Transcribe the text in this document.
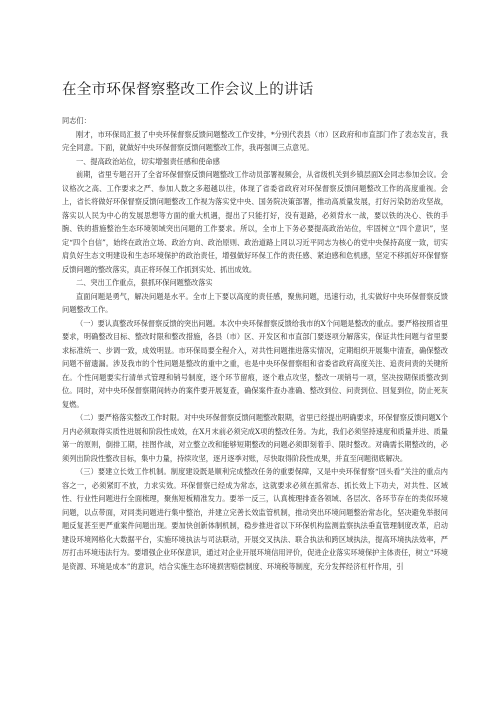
在全市环保督察整改工作会议上的讲话

同志们：

刚才，市环保局汇报了中央环保督察反馈问题整改工作安排，*分别代表县（市）区政府和市直部门作了表态发言，我完全同意。下面，就做好中央环保督察反馈问题整改工作，我再强调三点意见。

一、提高政治站位，切实增强责任感和使命感

前期，省里专题召开了全省环保督察反馈问题整改工作动员部署视频会，从省级机关到乡镇层面X会同志参加会议。会议格次之高、工作要求之严、参加人数之多超越以往，体现了省委省政府对环保督察反馈问题整改工作的高度重视。会上，省长将做好环保督察反馈问题整改工作视为落实党中央、国务院决策部署，推动高质量发展，打好污染防治攻坚战，落实以人民为中心的发展思想等方面的重大机遇，提出了只能打好，没有退路，必须背水一战，要以铁的决心、铁的手腕、铁的措施整治生态环境领域突出问题的工作要求。所以，全市上下务必要提高政治站位，牢固树立“四个意识”，坚定“四个自信”，始终在政治立场、政治方向、政治原则、政治道路上同以习近平同志为核心的党中央保持高度一致，切实肩负好生态文明建设和生态环境保护的政治责任，增强做好环保工作的责任感、紧迫感和危机感，坚定不移抓好环保督察反馈问题的整改落实，真正将环保工作抓到实处、抓出成效。

二、突出工作重点，狠抓环保问题整改落实

直面问题是勇气，解决问题是水平。全市上下要以高度的责任感，聚焦问题，迅速行动，扎实做好中央环保督察反馈问题整改工作。

（一）要认真整改环保督察反馈的突出问题。本次中央环保督察反馈给我市的X个问题是整改的重点。要严格按照省里要求，明确整改目标、整改时限和整改措施，各县（市）区、开发区和市直部门要逐项分解落实，保证共性问题与省里要求标准统一、步调一致，成效明显。市环保局要全程介入，对共性问题推进落实情况，定期组织开展集中清查，确保整改问题不留遗漏。涉及我市的个性问题是整改的重中之重，也是中央环保督察组和省委省政府高度关注、追责问责的关键所在。个性问题要实行清单式管理和销号制度，逐个环节留痕，逐个难点攻坚，整改一项销号一项，坚决按期保质整改到位。同时，对中央环保督察期间转办的案件要开展复查，确保案件查办准确、整改到位、问责到位、回复到位，防止死灰复燃。

（二）要严格落实整改工作时限。对中央环保督察反馈问题整改限期，省里已经提出明确要求，环保督察反馈问题X个月内必须取得实质性进展和阶段性成效，在X月末前必须完成X项的整改任务。为此，我们必须坚持速度和质量并进、质量第一的原则，倒排工期，挂图作战，对立整立改和能够短期整改的问题必须即刻着手、限时整改。对确需长期整改的，必须列出阶段性整改目标，集中力量，持续攻坚，逐月逐季对账，尽快取得阶段性成果，并直至问题彻底解决。

（三）要建立长效工作机制。制度建设既是顺利完成整改任务的重要保障，又是中央环保督察“回头看”关注的重点内容之一，必须紧盯不放，力求实效。环保督察已经成为常态，这就要求必须在抓常态、抓长效上下功夫，对共性、区域性、行业性问题进行全面梳理，聚焦短板精准发力。要举一反三，认真梳理排查各领域、各层次、各环节存在的类似环境问题，以点带面，对同类问题进行集中整治，并建立完善长效监管机制，推动突出环境问题整治常态化，坚决避免举报问题反复甚至更严重案件问题出现。要加快创新体制机制，稳步推进省以下环保机构监测监察执法垂直管理制度改革，启动建设环境网格化大数据平台，实施环境执法与司法联动，开展交叉执法、联合执法和跨区域执法，提高环境执法效率，严厉打击环境违法行为。要增强企业环保意识，通过对企业开展环境信用评价，促进企业落实环境保护主体责任，树立“环境是资源、环境是成本”的意识，结合实施生态环境损害赔偿制度、环境税等制度，充分发挥经济杠杆作用，引
